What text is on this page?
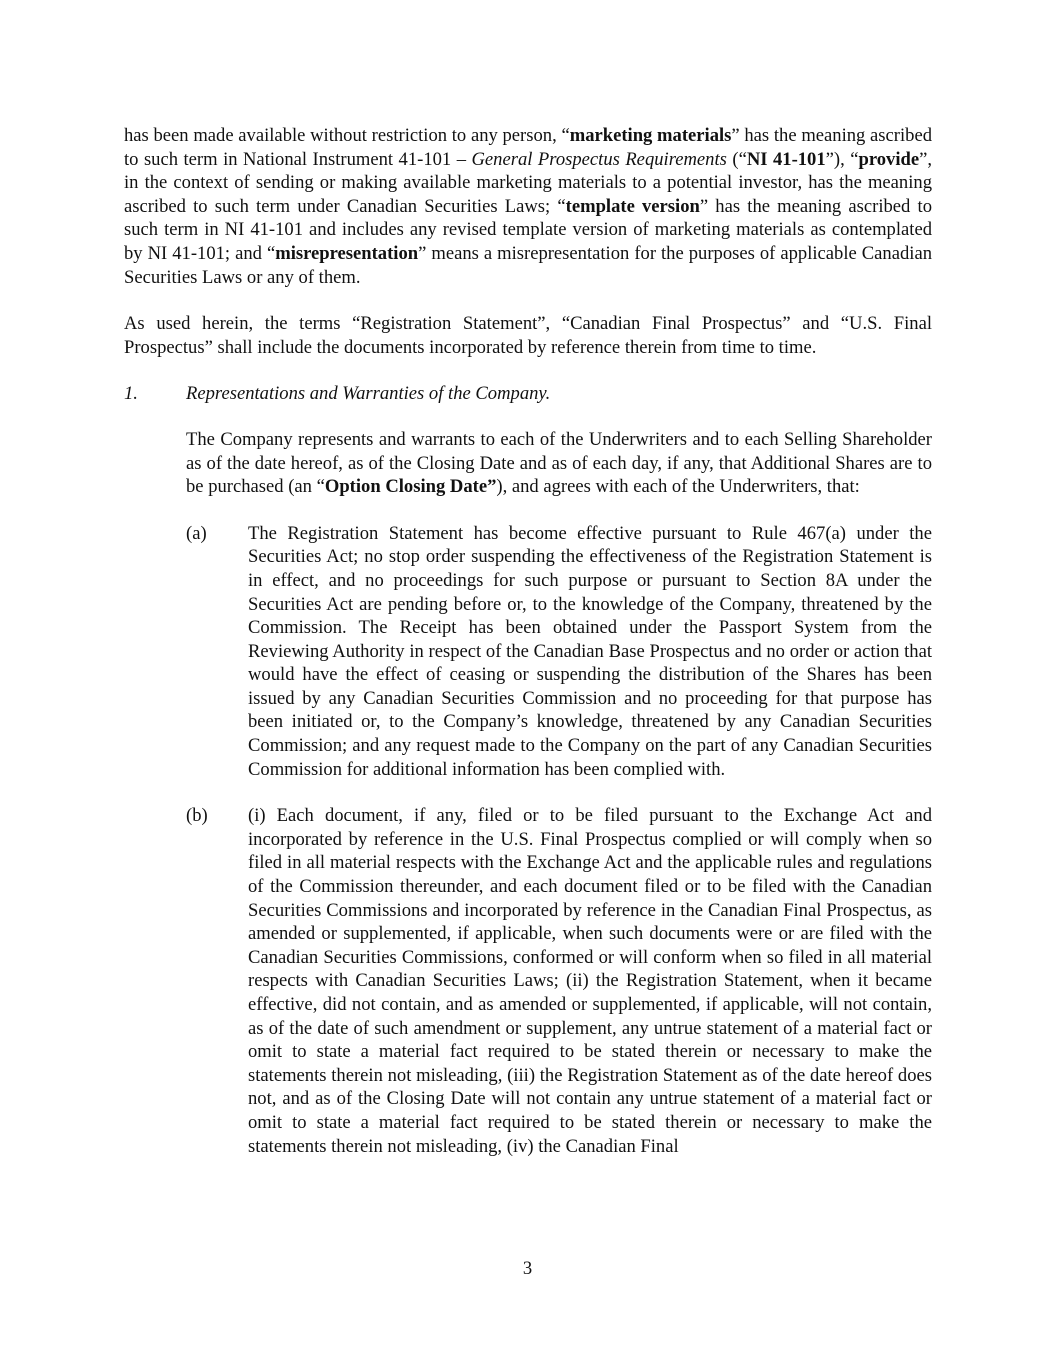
has been made available without restriction to any person, “marketing materials” has the meaning ascribed to such term in National Instrument 41-101 – General Prospectus Requirements (“NI 41-101”), “provide”, in the context of sending or making available marketing materials to a potential investor, has the meaning ascribed to such term under Canadian Securities Laws; “template version” has the meaning ascribed to such term in NI 41-101 and includes any revised template version of marketing materials as contemplated by NI 41-101; and “misrepresentation” means a misrepresentation for the purposes of applicable Canadian Securities Laws or any of them.

As used herein, the terms “Registration Statement”, “Canadian Final Prospectus” and “U.S. Final Prospectus” shall include the documents incorporated by reference therein from time to time.

1.	Representations and Warranties of the Company.

The Company represents and warrants to each of the Underwriters and to each Selling Shareholder as of the date hereof, as of the Closing Date and as of each day, if any, that Additional Shares are to be purchased (an “Option Closing Date”), and agrees with each of the Underwriters, that:

(a)	The Registration Statement has become effective pursuant to Rule 467(a) under the Securities Act; no stop order suspending the effectiveness of the Registration Statement is in effect, and no proceedings for such purpose or pursuant to Section 8A under the Securities Act are pending before or, to the knowledge of the Company, threatened by the Commission. The Receipt has been obtained under the Passport System from the Reviewing Authority in respect of the Canadian Base Prospectus and no order or action that would have the effect of ceasing or suspending the distribution of the Shares has been issued by any Canadian Securities Commission and no proceeding for that purpose has been initiated or, to the Company’s knowledge, threatened by any Canadian Securities Commission; and any request made to the Company on the part of any Canadian Securities Commission for additional information has been complied with.

(b)	(i) Each document, if any, filed or to be filed pursuant to the Exchange Act and incorporated by reference in the U.S. Final Prospectus complied or will comply when so filed in all material respects with the Exchange Act and the applicable rules and regulations of the Commission thereunder, and each document filed or to be filed with the Canadian Securities Commissions and incorporated by reference in the Canadian Final Prospectus, as amended or supplemented, if applicable, when such documents were or are filed with the Canadian Securities Commissions, conformed or will conform when so filed in all material respects with Canadian Securities Laws; (ii) the Registration Statement, when it became effective, did not contain, and as amended or supplemented, if applicable, will not contain, as of the date of such amendment or supplement, any untrue statement of a material fact or omit to state a material fact required to be stated therein or necessary to make the statements therein not misleading, (iii) the Registration Statement as of the date hereof does not, and as of the Closing Date will not contain any untrue statement of a material fact or omit to state a material fact required to be stated therein or necessary to make the statements therein not misleading, (iv) the Canadian Final

3
